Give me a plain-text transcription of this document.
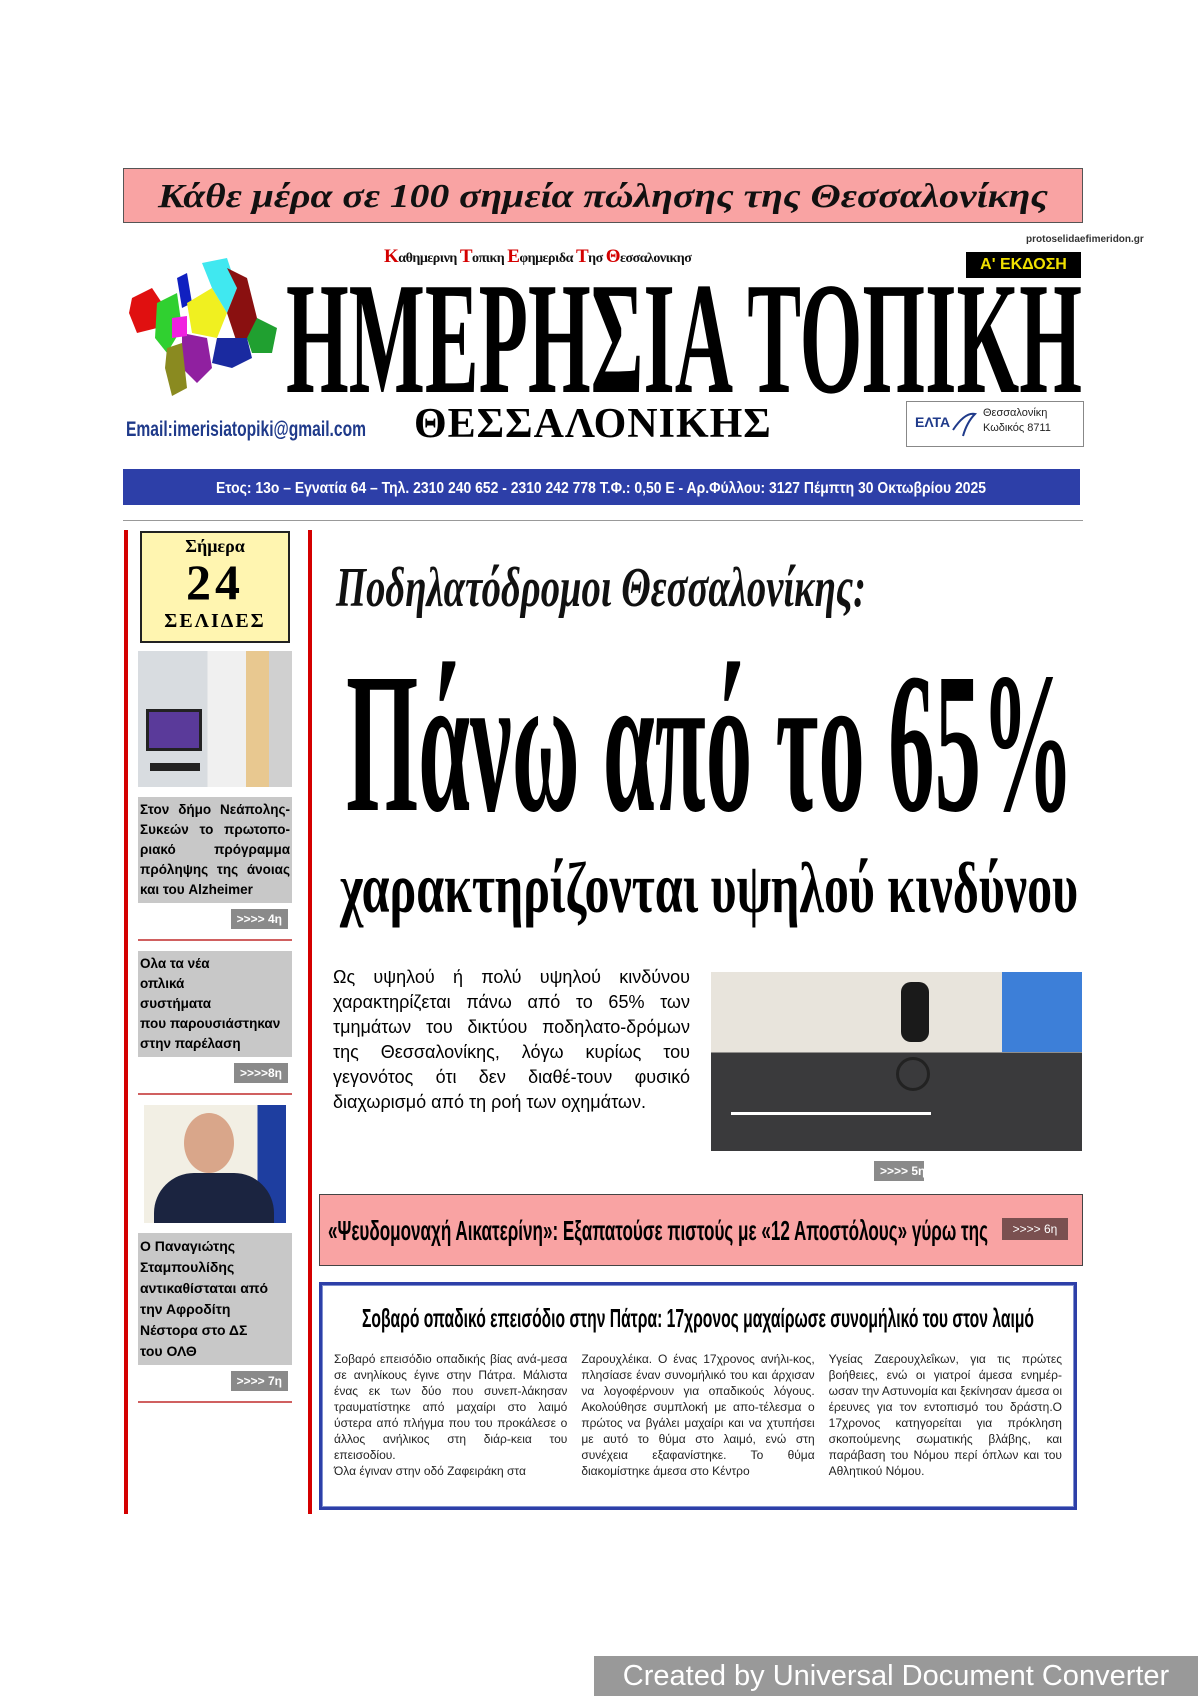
Κάθε μέρα σε 100 σημεία πώλησης της Θεσσαλονίκης
Καθημερινη Τοπικη Εφημεριδα Τησ Θεσσαλονικησ	Α' ΕΚΔΟΣΗ
protoselidaefimeridon.gr
ΗΜΕΡΗΣΙΑ ΤΟΠΙΚΗ
Email:imerisiatopiki@gmail.com ΘΕΣΣΑΛΟΝΙΚΗΣ	ΕΛΤΑ
Θεσσαλονίκη
Κωδικός 8711
Ετος: 13ο – Εγνατία 64 – Τηλ. 2310 240 652 - 2310 242 778 Τ.Φ.: 0,50 Ε - Αρ.Φύλλου: 3127 Πέμπτη 30 Οκτωβρίου 2025
Σήμερα
24
ΣΕΛΙΔΕΣ
Στον δήμο Νεάπολης-Συκεών το πρωτοπο-ριακό πρόγραμμα πρόληψης της άνοιας και του Alzheimer
>>>> 4η
Ολα τα νέα
οπλικά
συστήματα
που παρουσιάστηκαν
στην παρέλαση
>>>>8η
Ο Παναγιώτης
Σταμπουλίδης
αντικαθίσταται από
την Αφροδίτη
Νέστορα στο ΔΣ
του ΟΛΘ
>>>> 7η
Ποδηλατόδρομοι Θεσσαλονίκης:
Πάνω από το 65%
χαρακτηρίζονται υψηλού κινδύνου
Ως υψηλού ή πολύ υψηλού κινδύνου χαρακτηρίζεται πάνω από το 65% των τμημάτων του δικτύου ποδηλατο-δρόμων της Θεσσαλονίκης, λόγω κυρίως του γεγονότος ότι δεν διαθέ-τουν φυσικό διαχωρισμό από τη ροή των οχημάτων.
>>>> 5η
«Ψευδομοναχή Αικατερίνη»: Εξαπατούσε πιστούς με «12 Αποστόλους» γύρω της	>>>> 6η
Σοβαρό οπαδικό επεισόδιο στην Πάτρα: 17χρονος μαχαίρωσε συνομήλικό του στον λαιμό
Σοβαρό επεισόδιο οπαδικής βίας ανά-μεσα σε ανηλίκους έγινε στην Πάτρα. Μάλιστα ένας εκ των δύο που συνεπ-λάκησαν τραυματίστηκε από μαχαίρι στο λαιμό ύστερα από πλήγμα που του προκάλεσε ο άλλος ανήλικος στη διάρ-κεια του επεισοδίου.
Όλα έγιναν στην οδό Ζαφειράκη στα
Ζαρουχλέικα. Ο ένας 17χρονος ανήλι-κος, πλησίασε έναν συνομήλικό του και άρχισαν να λογοφέρνουν για οπαδικούς λόγους. Ακολούθησε συμπλοκή με απο-τέλεσμα ο πρώτος να βγάλει μαχαίρι και να χτυπήσει με αυτό το θύμα στο λαιμό, ενώ στη συνέχεια εξαφανίστηκε. Το θύμα διακομίστηκε άμεσα στο Κέντρο
Υγείας Ζαερουχλεΐκων, για τις πρώτες βοήθειες, ενώ οι γιατροί άμεσα ενημέρ-ωσαν την Αστυνομία και ξεκίνησαν άμεσα οι έρευνες για τον εντοπισμό του δράστη.Ο 17χρονος κατηγορείται για πρόκληση σκοπούμενης σωματικής βλάβης, και παράβαση του Νόμου περί όπλων και του Αθλητικού Νόμου.
Created by Universal Document Converter
